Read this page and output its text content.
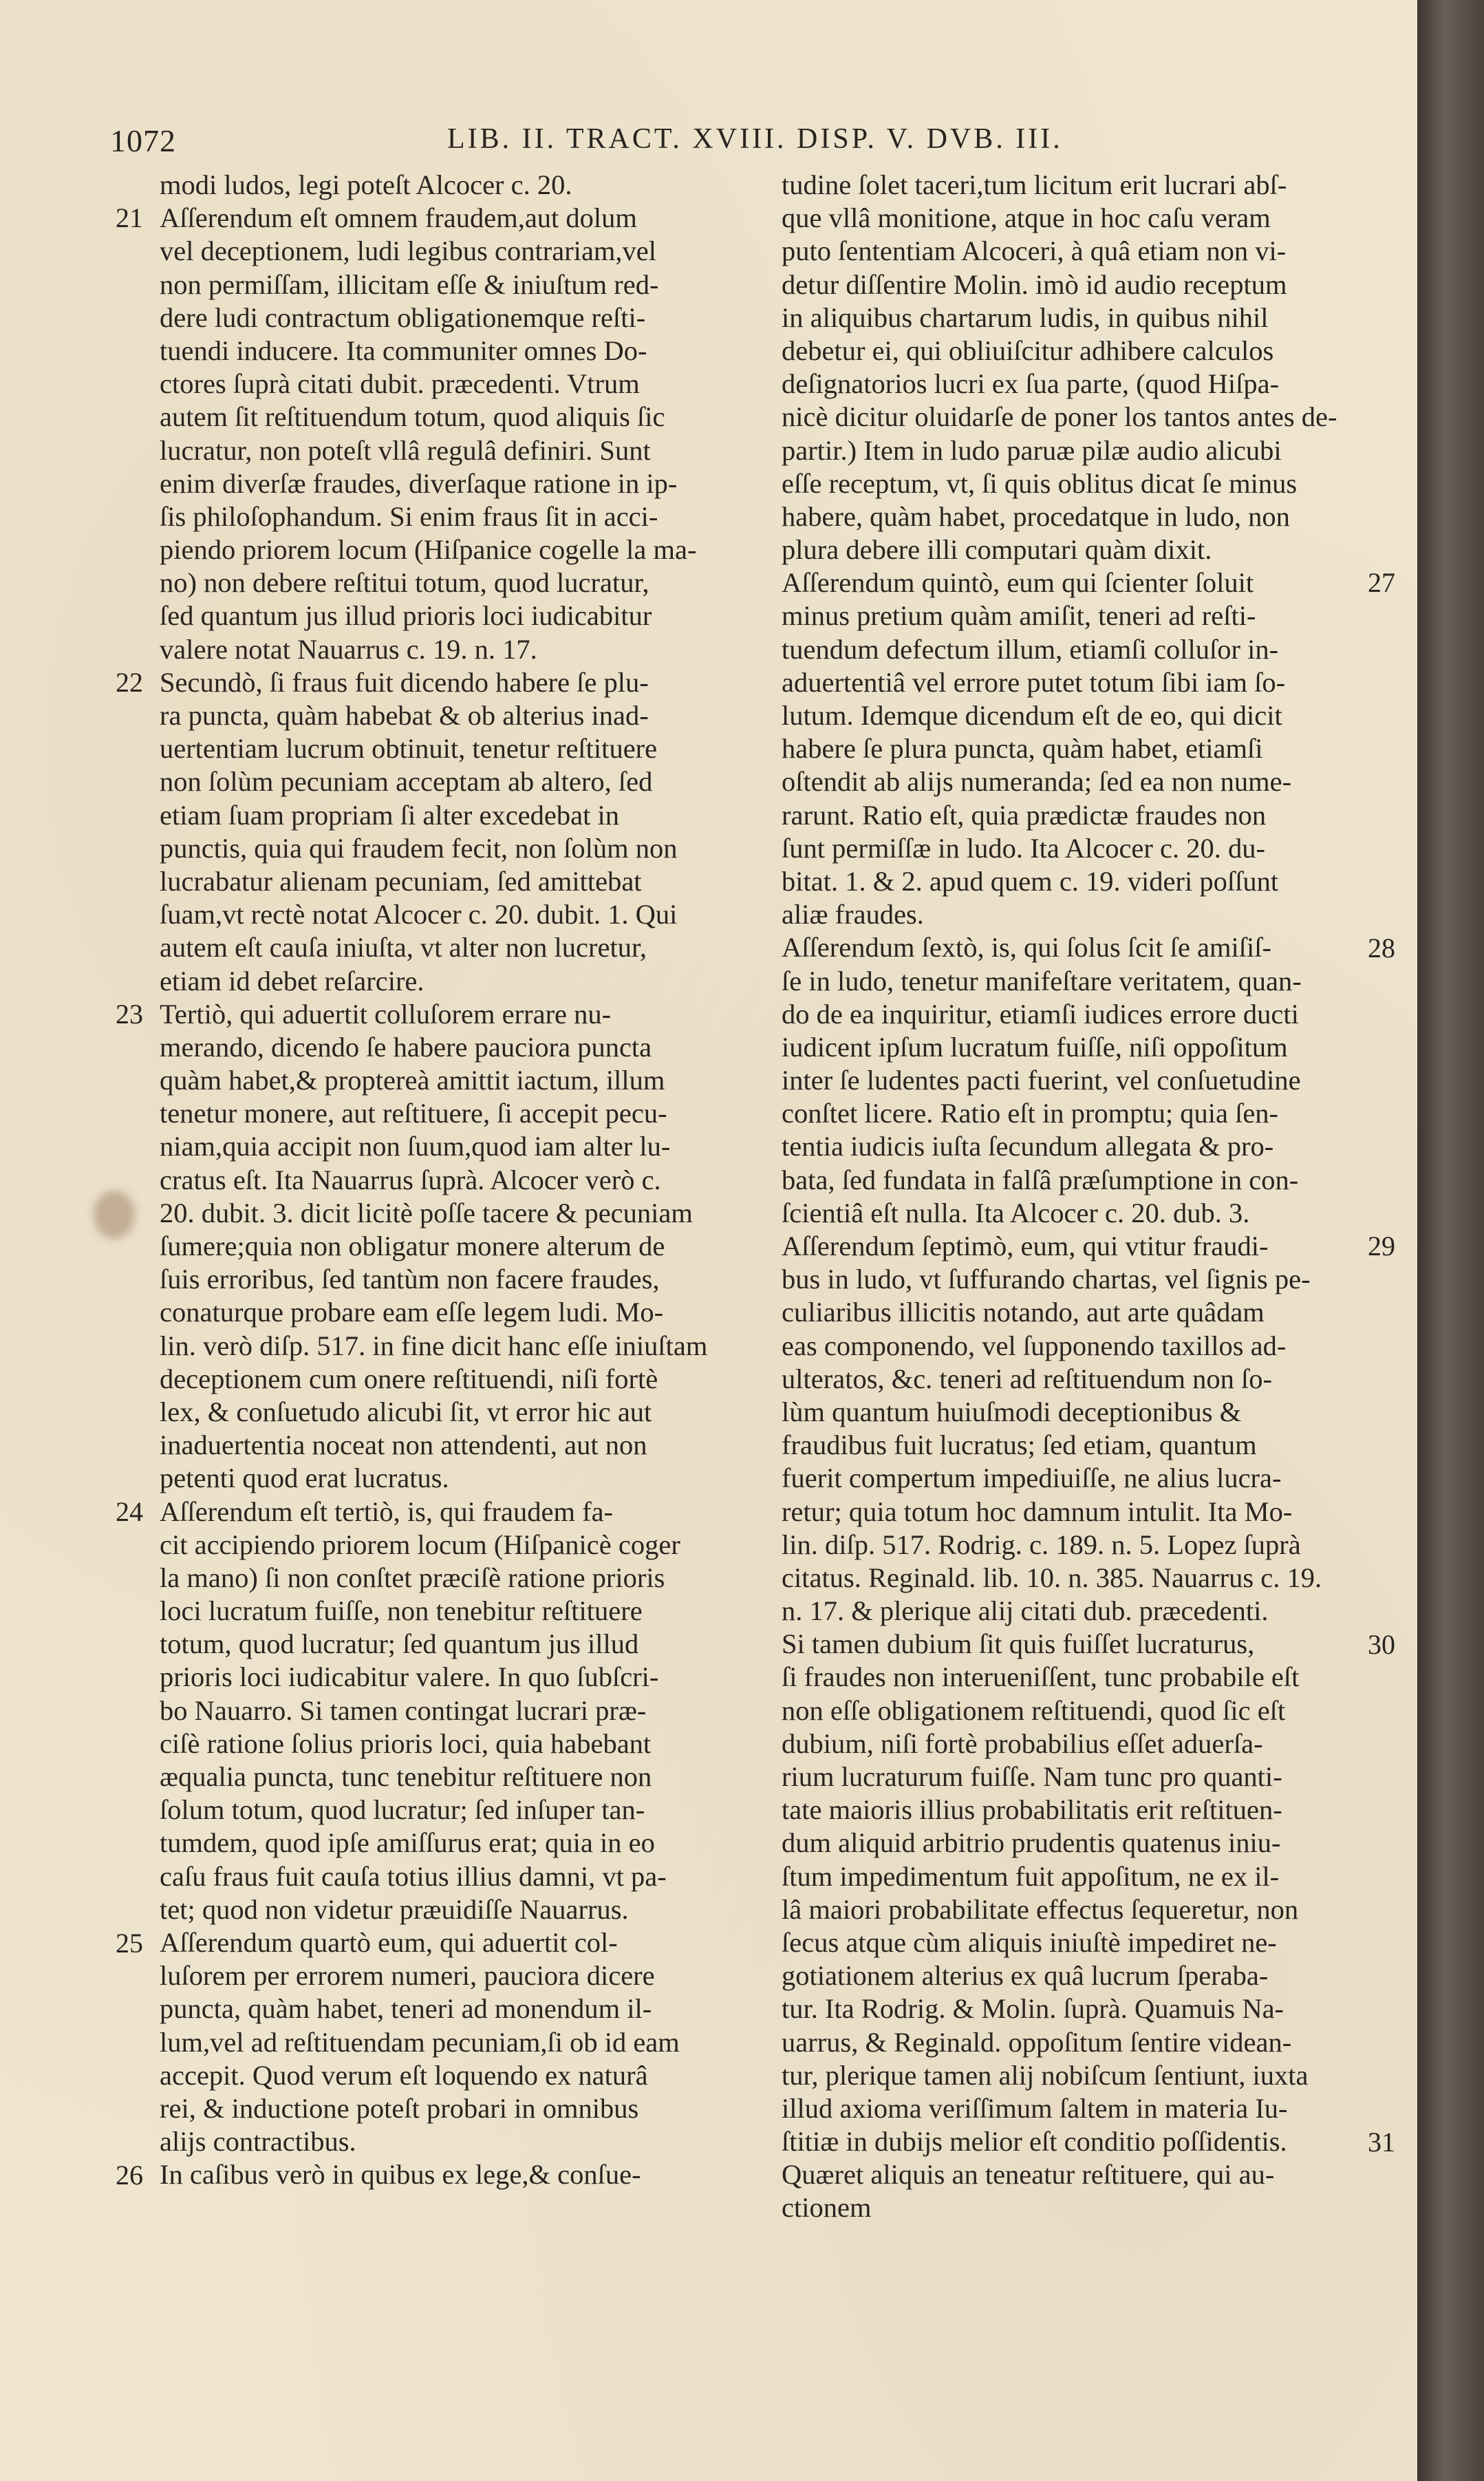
1072	LIB. II. TRACT. XVIII. DISP. V. DVB. III.
modi ludos, legi poteſt Alcocer c. 20.
Aſſerendum eſt omnem fraudem,aut dolum
vel deceptionem, ludi legibus contrariam,vel
non permiſſam, illicitam eſſe & iniuſtum red-
dere ludi contractum obligationemque reſti-
tuendi inducere. Ita communiter omnes Do-
ctores ſuprà citati dubit. præcedenti. Vtrum
autem ſit reſtituendum totum, quod aliquis ſic
lucratur, non poteſt vllâ regulâ definiri. Sunt
enim diverſæ fraudes, diverſaque ratione in ip-
ſis philoſophandum. Si enim fraus ſit in acci-
piendo priorem locum (Hiſpanice cogelle la ma-
no) non debere reſtitui totum, quod lucratur,
ſed quantum jus illud prioris loci iudicabitur
valere notat Nauarrus c. 19. n. 17.
Secundò, ſi fraus fuit dicendo habere ſe plu-
ra puncta, quàm habebat & ob alterius inad-
uertentiam lucrum obtinuit, tenetur reſtituere
non ſolùm pecuniam acceptam ab altero, ſed
etiam ſuam propriam ſi alter excedebat in
punctis, quia qui fraudem fecit, non ſolùm non
lucrabatur alienam pecuniam, ſed amittebat
ſuam,vt rectè notat Alcocer c. 20. dubit. 1. Qui
autem eſt cauſa iniuſta, vt alter non lucretur,
etiam id debet reſarcire.
Tertiò, qui aduertit colluſorem errare nu-
merando, dicendo ſe habere pauciora puncta
quàm habet,& proptereà amittit iactum, illum
tenetur monere, aut reſtituere, ſi accepit pecu-
niam,quia accipit non ſuum,quod iam alter lu-
cratus eſt. Ita Nauarrus ſuprà. Alcocer verò c.
20. dubit. 3. dicit licitè poſſe tacere & pecuniam
ſumere;quia non obligatur monere alterum de
ſuis erroribus, ſed tantùm non facere fraudes,
conaturque probare eam eſſe legem ludi. Mo-
lin. verò diſp. 517. in fine dicit hanc eſſe iniuſtam
deceptionem cum onere reſtituendi, niſi fortè
lex, & conſuetudo alicubi ſit, vt error hic aut
inaduertentia noceat non attendenti, aut non
petenti quod erat lucratus.
Aſſerendum eſt tertiò, is, qui fraudem fa-
cit accipiendo priorem locum (Hiſpanicè coger
la mano) ſi non conſtet præciſè ratione prioris
loci lucratum fuiſſe, non tenebitur reſtituere
totum, quod lucratur; ſed quantum jus illud
prioris loci iudicabitur valere. In quo ſubſcri-
bo Nauarro. Si tamen contingat lucrari præ-
ciſè ratione ſolius prioris loci, quia habebant
æqualia puncta, tunc tenebitur reſtituere non
ſolum totum, quod lucratur; ſed inſuper tan-
tumdem, quod ipſe amiſſurus erat; quia in eo
caſu fraus fuit cauſa totius illius damni, vt pa-
tet; quod non videtur præuidiſſe Nauarrus.
Aſſerendum quartò eum, qui aduertit col-
luſorem per errorem numeri, pauciora dicere
puncta, quàm habet, teneri ad monendum il-
lum,vel ad reſtituendam pecuniam,ſi ob id eam
accepit. Quod verum eſt loquendo ex naturâ
rei, & inductione poteſt probari in omnibus
alijs contractibus.
In caſibus verò in quibus ex lege,& conſue-
tudine ſolet taceri,tum licitum erit lucrari abſ-
que vllâ monitione, atque in hoc caſu veram
puto ſententiam Alcoceri, à quâ etiam non vi-
detur diſſentire Molin. imò id audio receptum
in aliquibus chartarum ludis, in quibus nihil
debetur ei, qui obliuiſcitur adhibere calculos
deſignatorios lucri ex ſua parte, (quod Hiſpa-
nicè dicitur oluidarſe de poner los tantos antes de-
partir.) Item in ludo paruæ pilæ audio alicubi
eſſe receptum, vt, ſi quis oblitus dicat ſe minus
habere, quàm habet, procedatque in ludo, non
plura debere illi computari quàm dixit.
Aſſerendum quintò, eum qui ſcienter ſoluit
minus pretium quàm amiſit, teneri ad reſti-
tuendum defectum illum, etiamſi colluſor in-
aduertentiâ vel errore putet totum ſibi iam ſo-
lutum. Idemque dicendum eſt de eo, qui dicit
habere ſe plura puncta, quàm habet, etiamſi
oſtendit ab alijs numeranda; ſed ea non nume-
rarunt. Ratio eſt, quia prædictæ fraudes non
ſunt permiſſæ in ludo. Ita Alcocer c. 20. du-
bitat. 1. & 2. apud quem c. 19. videri poſſunt
aliæ fraudes.
Aſſerendum ſextò, is, qui ſolus ſcit ſe amiſiſ-
ſe in ludo, tenetur manifeſtare veritatem, quan-
do de ea inquiritur, etiamſi iudices errore ducti
iudicent ipſum lucratum fuiſſe, niſi oppoſitum
inter ſe ludentes pacti fuerint, vel conſuetudine
conſtet licere. Ratio eſt in promptu; quia ſen-
tentia iudicis iuſta ſecundum allegata & pro-
bata, ſed fundata in falſâ præſumptione in con-
ſcientiâ eſt nulla. Ita Alcocer c. 20. dub. 3.
Aſſerendum ſeptimò, eum, qui vtitur fraudi-
bus in ludo, vt ſuffurando chartas, vel ſignis pe-
culiaribus illicitis notando, aut arte quâdam
eas componendo, vel ſupponendo taxillos ad-
ulteratos, &c. teneri ad reſtituendum non ſo-
lùm quantum huiuſmodi deceptionibus &
fraudibus fuit lucratus; ſed etiam, quantum
fuerit compertum impediuiſſe, ne alius lucra-
retur; quia totum hoc damnum intulit. Ita Mo-
lin. diſp. 517. Rodrig. c. 189. n. 5. Lopez ſuprà
citatus. Reginald. lib. 10. n. 385. Nauarrus c. 19.
n. 17. & plerique alij citati dub. præcedenti.
Si tamen dubium ſit quis fuiſſet lucraturus,
ſi fraudes non interueniſſent, tunc probabile eſt
non eſſe obligationem reſtituendi, quod ſic eſt
dubium, niſi fortè probabilius eſſet aduerſa-
rium lucraturum fuiſſe. Nam tunc pro quanti-
tate maioris illius probabilitatis erit reſtituen-
dum aliquid arbitrio prudentis quatenus iniu-
ſtum impedimentum fuit appoſitum, ne ex il-
lâ maiori probabilitate effectus ſequeretur, non
ſecus atque cùm aliquis iniuſtè impediret ne-
gotiationem alterius ex quâ lucrum ſperaba-
tur. Ita Rodrig. & Molin. ſuprà. Quamuis Na-
uarrus, & Reginald. oppoſitum ſentire videan-
tur, plerique tamen alij nobiſcum ſentiunt, iuxta
illud axioma veriſſimum ſaltem in materia Iu-
ſtitiæ in dubijs melior eſt conditio poſſidentis.
Quæret aliquis an teneatur reſtituere, qui au-
ctionem
21
22
23
24
25
26
27
28
29
30
31
